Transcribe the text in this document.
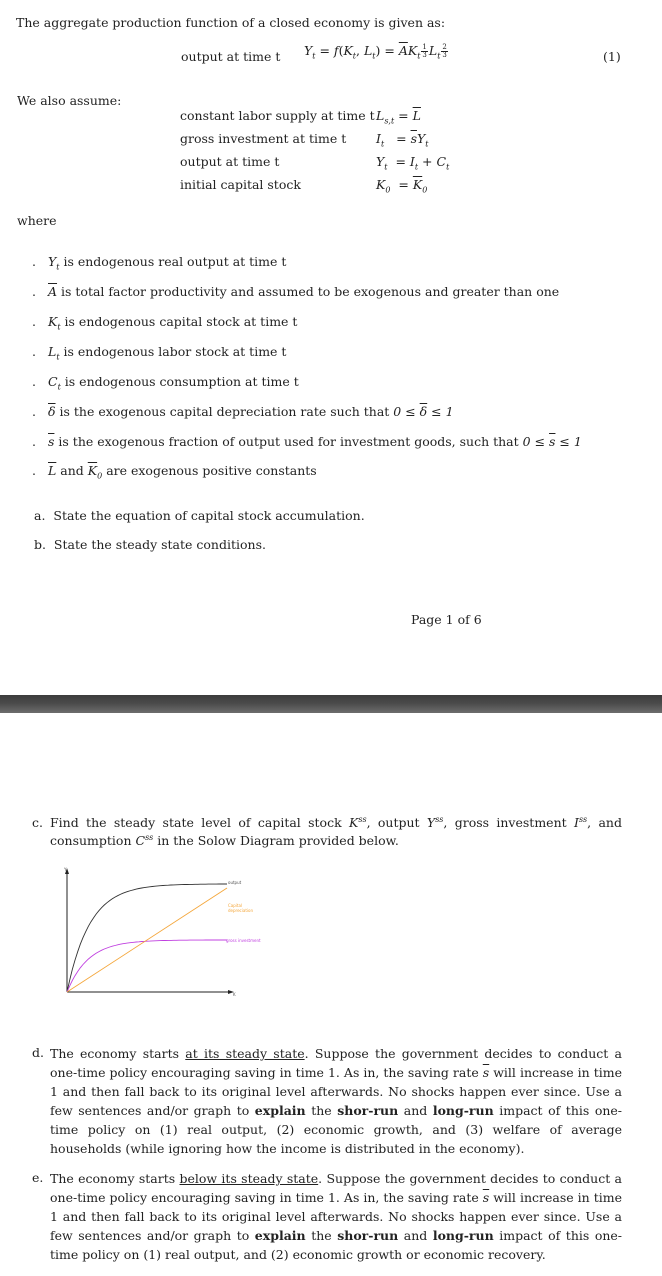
The aggregate production function of a closed economy is given as:
output at time t $Y_t = f(K_t$, $L_t) = \overline{A}K_t \frac{1}{3} L_t \frac{2}{3}$	(1)
We also assume:
constant labor supply at time t $L_{s,t} = \overline{L}$
gross investment at time t $I_t = \overline{s}Y_t$
output at time t	$Y_t = I_t + C_t$
initial capital stock	$K_0 = \overline{K}_0$
where
. $Y_t$ is endogenous real output at time t
. $\overline{A}$ is total factor productivity and assumed to be exogenous and greater than one
. $K_t$ is endogenous capital stock at time t
. $L_t$ is endogenous labor stock at time t
. $C_t$ is endogenous consumption at time t
. $\overline{\delta}$ is the exogenous capital depreciation rate such that $0 \le \overline{\delta} \le 1$
. $\overline{s}$ is the exogenous fraction of output used for investment goods, such that $0 \le \overline{s} \le 1$
. $\overline{L}$ and $\overline{K}_0$ are exogenous positive constants
a.  State the equation of capital stock accumulation.
b.  State the steady state conditions.
Page 1 of 6
c. Find the steady state level of capital stock $K^{ss}$, output $Y^{ss}$, gross investment $I^{ss}$, and consumption $C^{ss}$ in the Solow Diagram provided below.
Y
K
output
Capital depreciation
gross investment
d. The economy starts at its steady state. Suppose the government decides to conduct a one-time policy encouraging saving in time 1. As in, the saving rate $\overline{s}$ will increase in time 1 and then fall back to its original level afterwards. No shocks happen ever since. Use a few sentences and/or graph to explain the shor-run and long-run impact of this one-time policy on (1) real output, (2) economic growth, and (3) welfare of average households (while ignoring how the income is distributed in the economy).
e. The economy starts below its steady state. Suppose the government decides to conduct a one-time policy encouraging saving in time 1. As in, the saving rate $\overline{s}$ will increase in time 1 and then fall back to its original level afterwards. No shocks happen ever since. Use a few sentences and/or graph to explain the shor-run and long-run impact of this one-time policy on (1) real output, and (2) economic growth or economic recovery.
